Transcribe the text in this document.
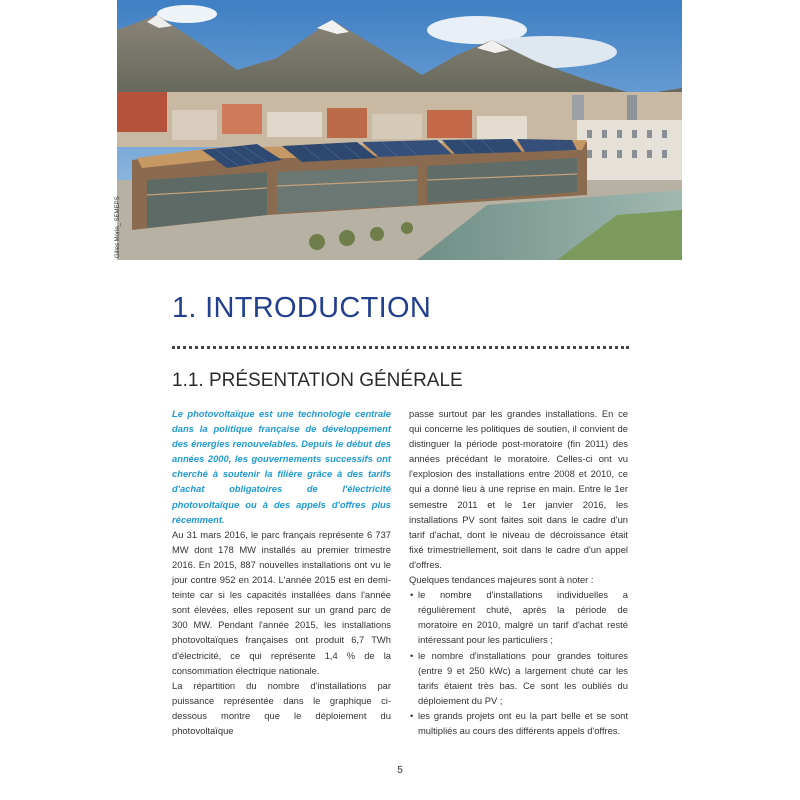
Gilles Morin_ SEMEPS
1. INTRODUCTION
1.1. PRÉSENTATION GÉNÉRALE

Le photovoltaïque est une technologie centrale dans la politique française de développement des énergies renouvelables. Depuis le début des années 2000, les gouvernements successifs ont cherché à soutenir la filière grâce à des tarifs d'achat obligatoires de l'électricité photovoltaïque ou à des appels d'offres plus récemment.

Au 31 mars 2016, le parc français représente 6 737 MW dont 178 MW installés au premier trimestre 2016. En 2015, 887 nouvelles installations ont vu le jour contre 952 en 2014. L'année 2015 est en demi-teinte car si les capacités installées dans l'année sont élevées, elles reposent sur un grand parc de 300 MW. Pendant l'année 2015, les installations photovoltaïques françaises ont produit 6,7 TWh d'électricité, ce qui représente 1,4 % de la consommation électrique nationale.

La répartition du nombre d'installations par puissance représentée dans le graphique ci-dessous montre que le déploiement du photovoltaïque

passe surtout par les grandes installations. En ce qui concerne les politiques de soutien, il convient de distinguer la période post-moratoire (fin 2011) des années précédant le moratoire. Celles-ci ont vu l'explosion des installations entre 2008 et 2010, ce qui a donné lieu à une reprise en main. Entre le 1er semestre 2011 et le 1er janvier 2016, les installations PV sont faites soit dans le cadre d'un tarif d'achat, dont le niveau de décroissance était fixé trimestriellement, soit dans le cadre d'un appel d'offres.

Quelques tendances majeures sont à noter :

• le nombre d'installations individuelles a régulièrement chuté, après la période de moratoire en 2010, malgré un tarif d'achat resté intéressant pour les particuliers ;
• le nombre d'installations pour grandes toitures (entre 9 et 250 kWc) a largement chuté car les tarifs étaient très bas. Ce sont les oubliés du déploiement du PV ;
• les grands projets ont eu la part belle et se sont multipliés au cours des différents appels d'offres.
5
